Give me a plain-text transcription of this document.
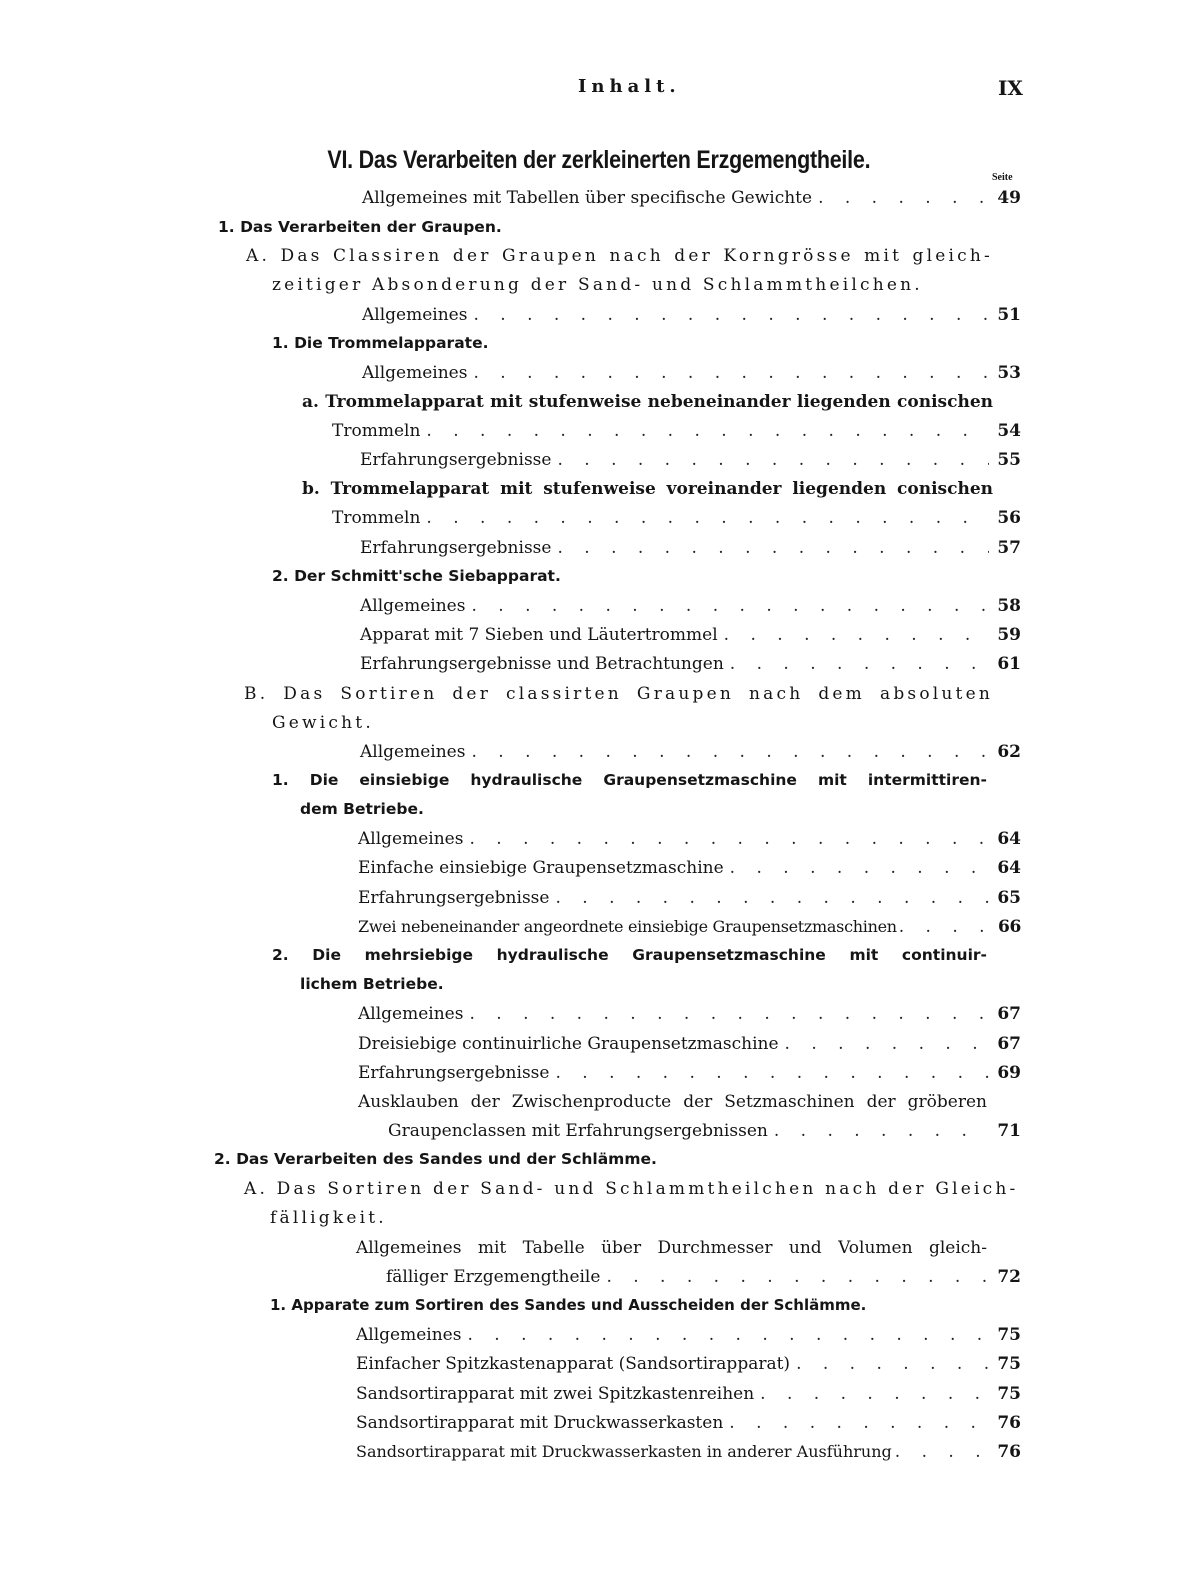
Inhalt.	IX
VI. Das Verarbeiten der zerkleinerten Erzgemengtheile.
Seite
Allgemeines mit Tabellen über specifische Gewichte . . .	49
1. Das Verarbeiten der Graupen.
A. Das Classiren der Graupen nach der Korngrösse mit gleich-
zeitiger Absonderung der Sand- und Schlammtheilchen.
Allgemeines . . .	51
1. Die Trommelapparate.
Allgemeines . . .	53
a. Trommelapparat mit stufenweise nebeneinander liegenden conischen
Trommeln . . .	54
Erfahrungsergebnisse . . .	55
b. Trommelapparat mit stufenweise voreinander liegenden conischen
Trommeln . . .	56
Erfahrungsergebnisse . . .	57
2. Der Schmitt'sche Siebapparat.
Allgemeines . . .	58
Apparat mit 7 Sieben und Läutertrommel . . .	59
Erfahrungsergebnisse und Betrachtungen . . .	61
B. Das Sortiren der classirten Graupen nach dem absoluten
Gewicht.
Allgemeines . . .	62
1. Die einsiebige hydraulische Graupensetzmaschine mit intermittiren-
dem Betriebe.
Allgemeines . . .	64
Einfache einsiebige Graupensetzmaschine . . .	64
Erfahrungsergebnisse . . .	65
Zwei nebeneinander angeordnete einsiebige Graupensetzmaschinen . . .	66
2. Die mehrsiebige hydraulische Graupensetzmaschine mit continuir-
lichem Betriebe.
Allgemeines . . .	67
Dreisiebige continuirliche Graupensetzmaschine . . .	67
Erfahrungsergebnisse . . .	69
Ausklauben der Zwischenproducte der Setzmaschinen der gröberen
Graupenclassen mit Erfahrungsergebnissen . . .	71
2. Das Verarbeiten des Sandes und der Schlämme.
A. Das Sortiren der Sand- und Schlammtheilchen nach der Gleich-
fälligkeit.
Allgemeines mit Tabelle über Durchmesser und Volumen gleich-
fälliger Erzgemengtheile . . .	72
1. Apparate zum Sortiren des Sandes und Ausscheiden der Schlämme.
Allgemeines . . .	75
Einfacher Spitzkastenapparat (Sandsortirapparat) . . .	75
Sandsortirapparat mit zwei Spitzkastenreihen . . .	75
Sandsortirapparat mit Druckwasserkasten . . .	76
Sandsortirapparat mit Druckwasserkasten in anderer Ausführung . . .	76
